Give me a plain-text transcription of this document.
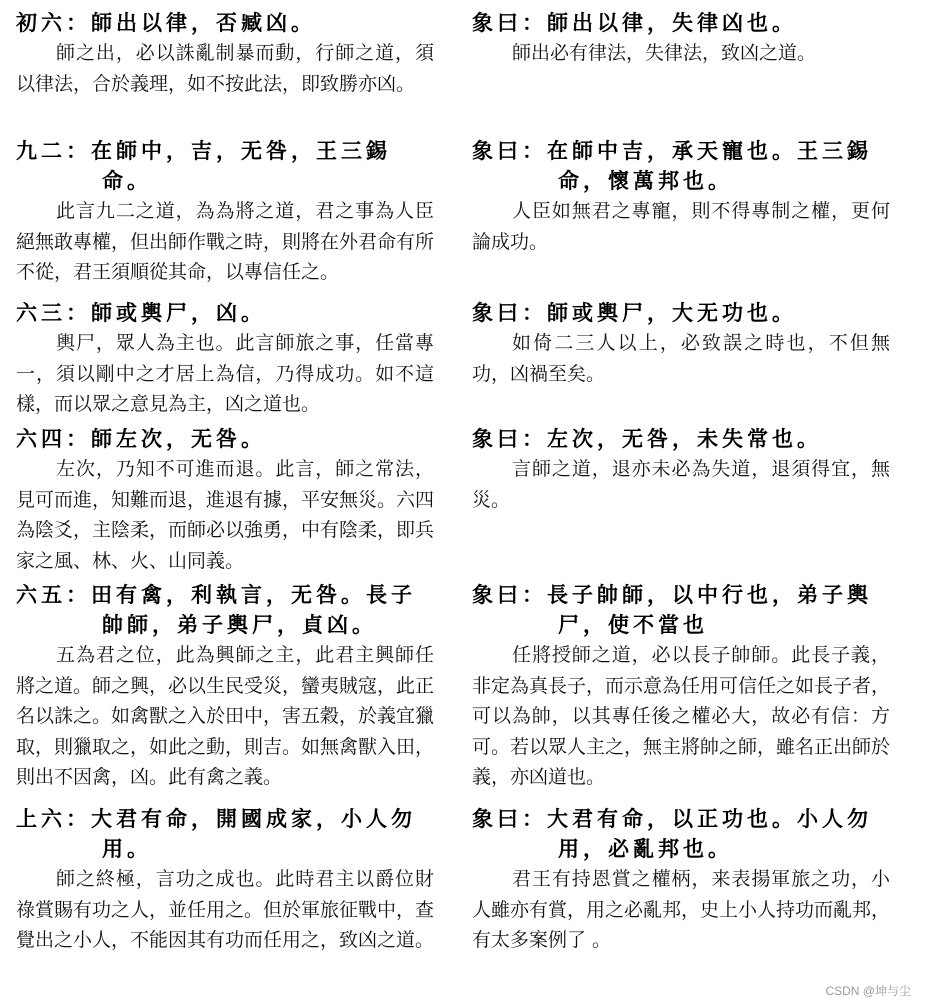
初六：師出以律，否臧凶。
師之出，必以誅亂制暴而動，行師之道，須以律法，合於義理，如不按此法，即致勝亦凶。
九二：在師中，吉，无咎，王三錫命。
此言九二之道，為為將之道，君之事為人臣絕無敢專權，但出師作戰之時，則將在外君命有所不從，君王須順從其命，以專信任之。
六三：師或輿尸，凶。
輿尸，眾人為主也。此言師旅之事，任當專一，須以剛中之才居上為信，乃得成功。如不這樣，而以眾之意見為主，凶之道也。
六四：師左次，无咎。
左次，乃知不可進而退。此言，師之常法，見可而進，知難而退，進退有據，平安無災。六四為陰爻，主陰柔，而師必以強勇，中有陰柔，即兵家之風、林、火、山同義。
六五：田有禽，利執言，无咎。長子帥師，弟子輿尸，貞凶。
五為君之位，此為興師之主，此君主興師任將之道。師之興，必以生民受災，蠻夷賊寇，此正名以誅之。如禽獸之入於田中，害五穀，於義宜獵取，則獵取之，如此之動，則吉。如無禽獸入田，則出不因禽，凶。此有禽之義。
上六：大君有命，開國成家，小人勿用。
師之終極，言功之成也。此時君主以爵位財祿賞賜有功之人，並任用之。但於軍旅征戰中，查覺出之小人，不能因其有功而任用之，致凶之道。
象曰：師出以律，失律凶也。
師出必有律法，失律法，致凶之道。
象曰：在師中吉，承天寵也。王三錫命，懷萬邦也。
人臣如無君之專寵，則不得專制之權，更何論成功。
象曰：師或輿尸，大无功也。
如倚二三人以上，必致誤之時也，不但無功，凶禍至矣。
象曰：左次，无咎，未失常也。
言師之道，退亦未必為失道，退須得宜，無災。
象曰：長子帥師，以中行也，弟子輿尸，使不當也
任將授師之道，必以長子帥師。此長子義，非定為真長子，而示意為任用可信任之如長子者，可以為帥，以其專任後之權必大，故必有信：方可。若以眾人主之，無主將帥之師，雖名正出師於義，亦凶道也。
象曰：大君有命，以正功也。小人勿用，必亂邦也。
君王有持恩賞之權柄，来表揚軍旅之功，小人雖亦有賞，用之必亂邦，史上小人持功而亂邦，有太多案例了 。
CSDN @坤与尘
